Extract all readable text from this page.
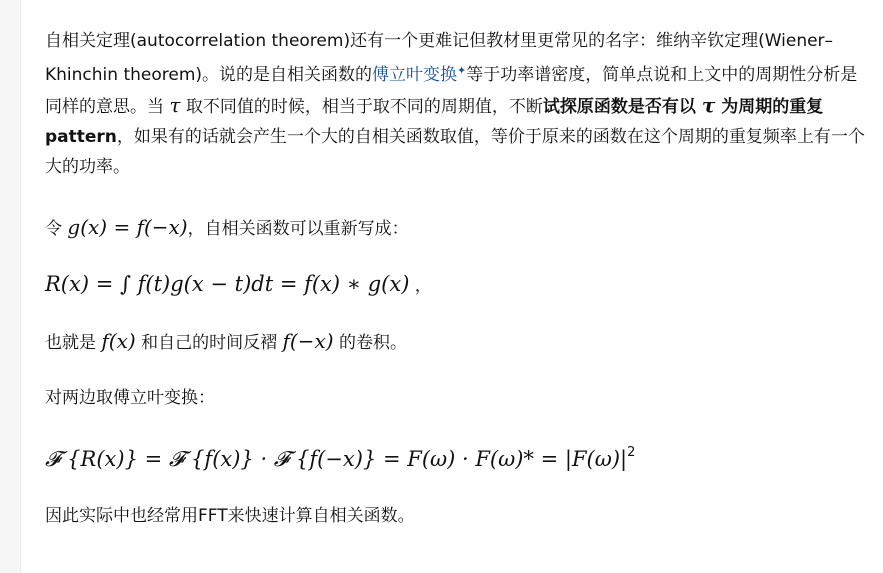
自相关定理(autocorrelation theorem)还有一个更难记但教材里更常见的名字：维纳辛钦定理(Wiener–Khinchin theorem)。说的是自相关函数的傅立叶变换✦等于功率谱密度，简单点说和上文中的周期性分析是同样的意思。当 τ 取不同值的时候，相当于取不同的周期值，不断试探原函数是否有以 τ 为周期的重复pattern，如果有的话就会产生一个大的自相关函数取值，等价于原来的函数在这个周期的重复频率上有一个大的功率。

令 g(x) = f(−x)，自相关函数可以重新写成：

R(x) = ∫ f(t)g(x − t)dt = f(x) ∗ g(x) ，

也就是 f(x) 和自己的时间反褶 f(−x) 的卷积。

对两边取傅立叶变换：

𝓕 {R(x)} = 𝓕 {f(x)} · 𝓕 $\{f(-x)\} = F(\omega) \cdot F(\omega)* = |F(\omega)|^2$

因此实际中也经常用FFT来快速计算自相关函数。
